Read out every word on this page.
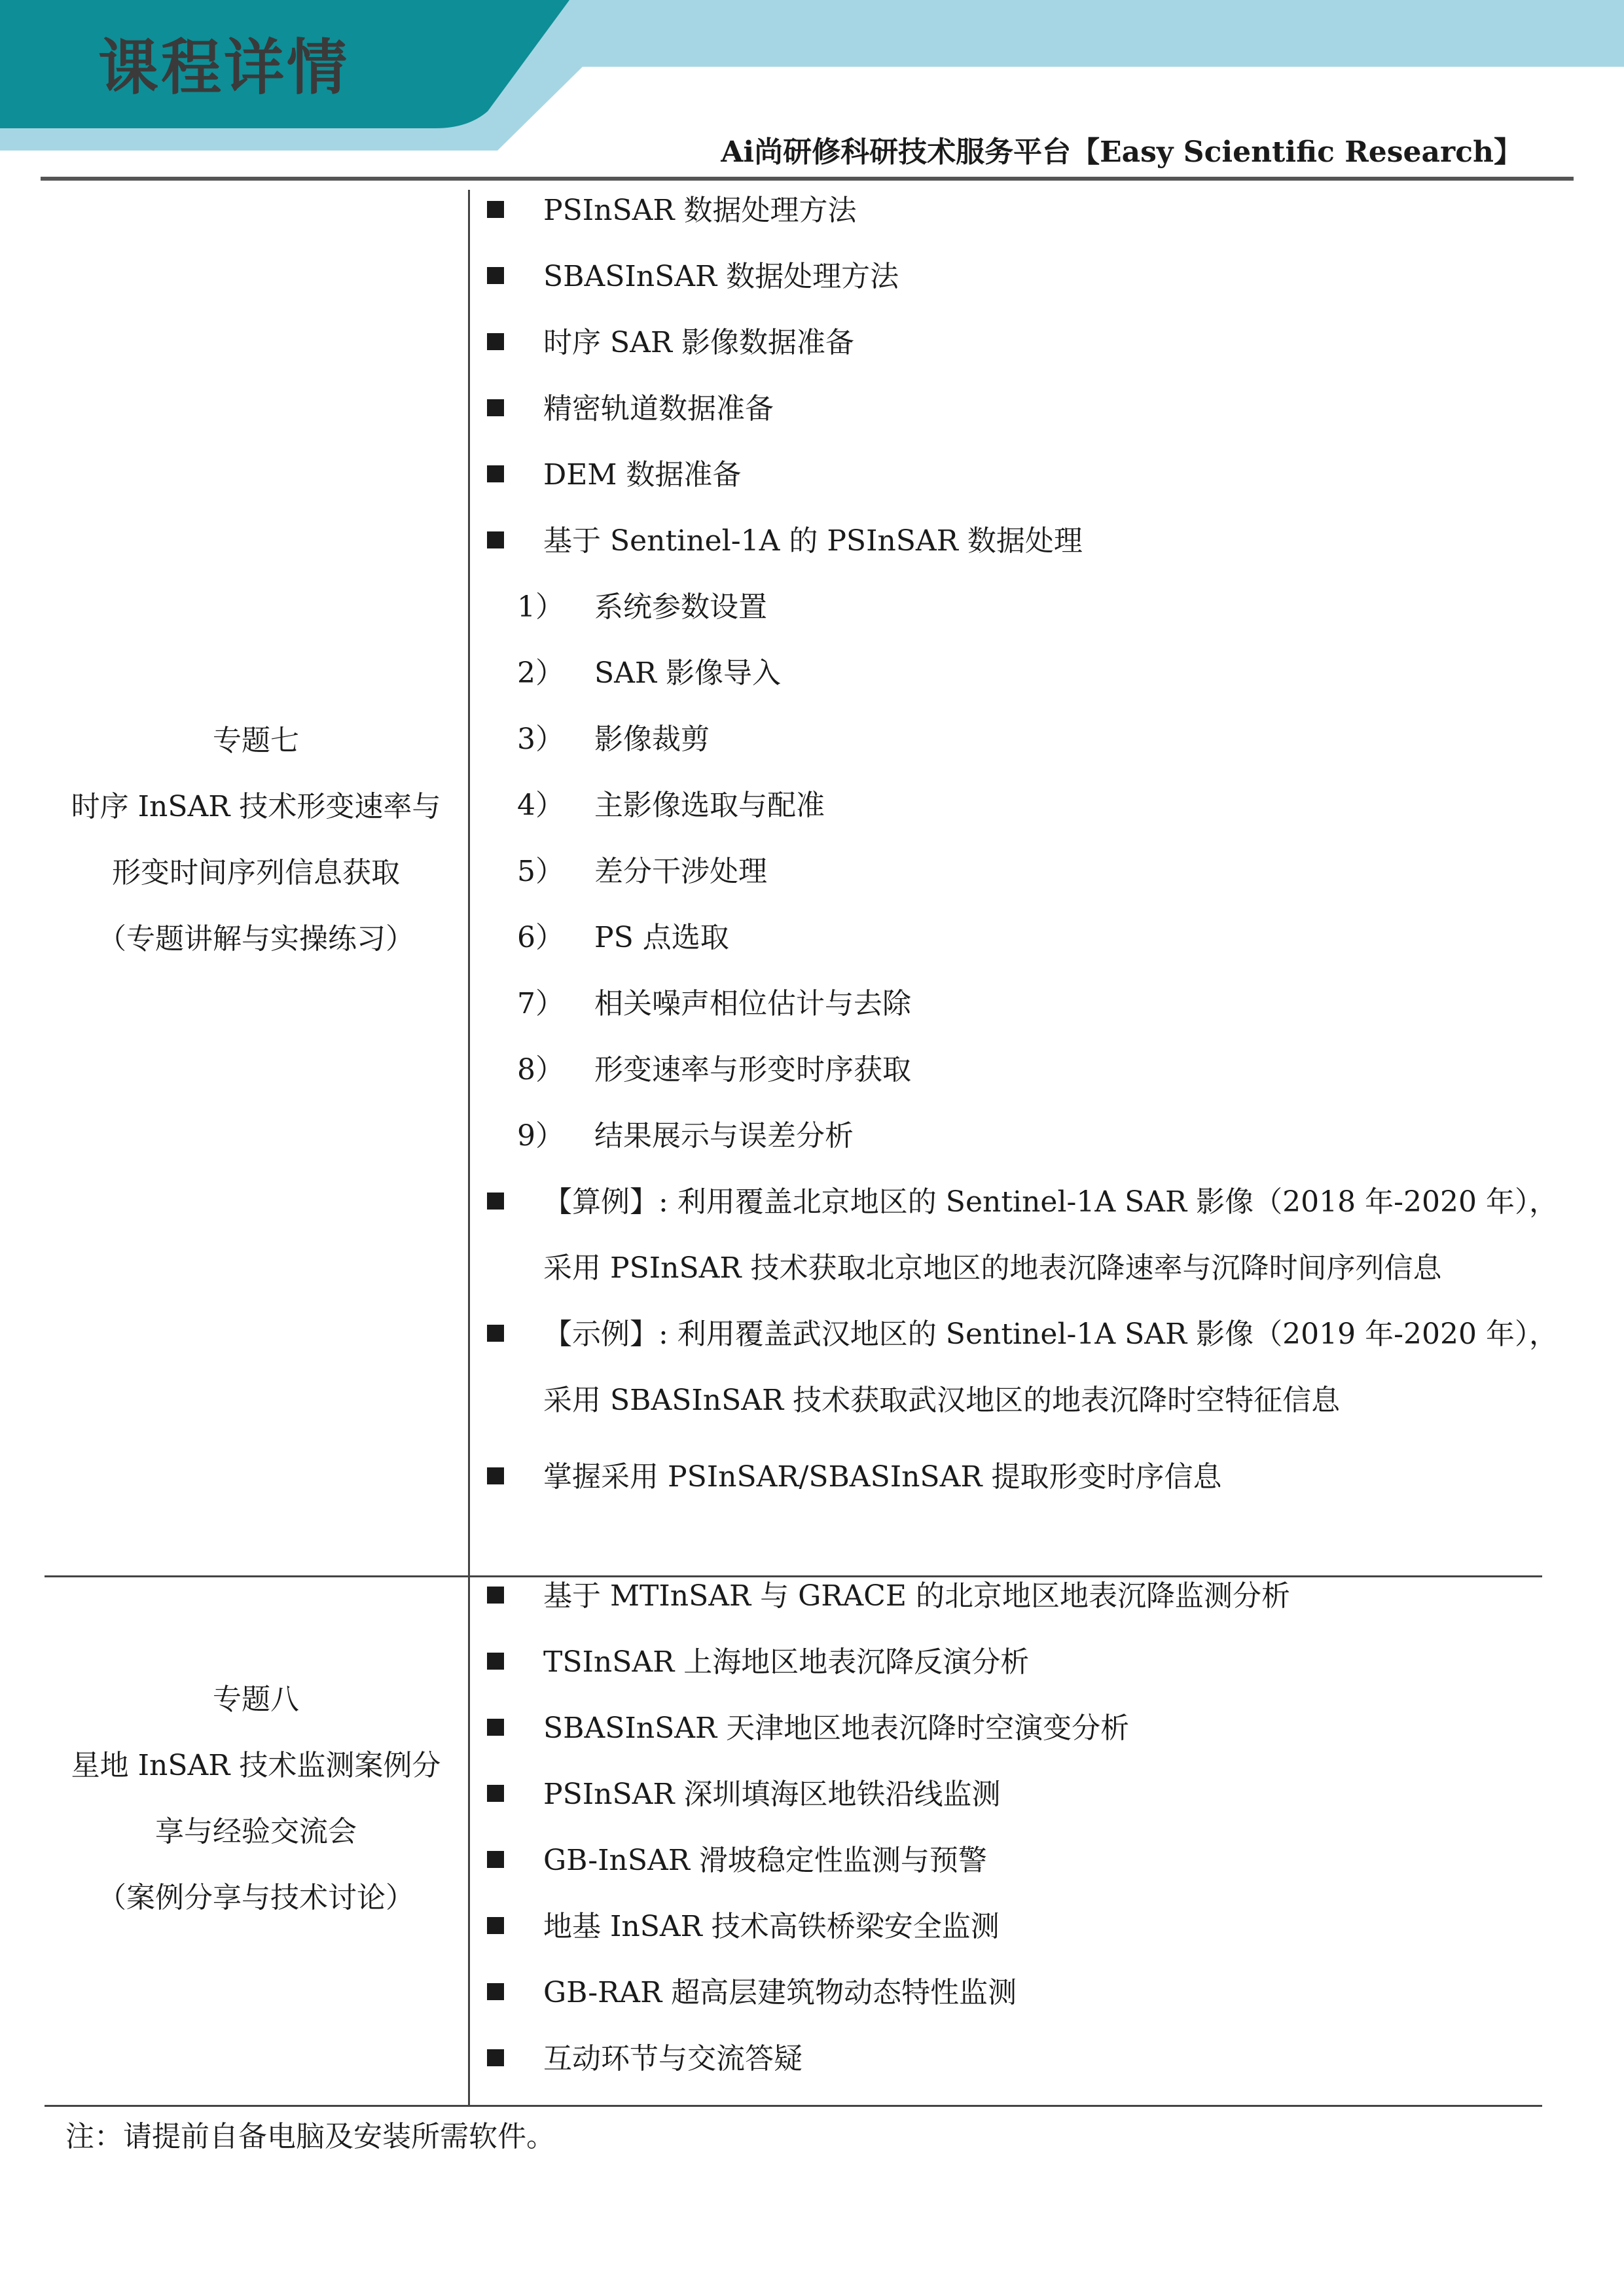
课程详情
Ai尚研修科研技术服务平台【Easy Scientific Research】
专题七
时序 InSAR 技术形变速率与
形变时间序列信息获取
（专题讲解与实操练习）
PSInSAR 数据处理方法
SBASInSAR 数据处理方法
时序 SAR 影像数据准备
精密轨道数据准备
DEM 数据准备
基于 Sentinel-1A 的 PSInSAR 数据处理
1） 系统参数设置
2） SAR 影像导入
3） 影像裁剪
4） 主影像选取与配准
5） 差分干涉处理
6） PS 点选取
7） 相关噪声相位估计与去除
8） 形变速率与形变时序获取
9） 结果展示与误差分析
【算例】: 利用覆盖北京地区的 Sentinel-1A SAR 影像（2018 年-2020 年），采用 PSInSAR 技术获取北京地区的地表沉降速率与沉降时间序列信息
【示例】: 利用覆盖武汉地区的 Sentinel-1A SAR 影像（2019 年-2020 年），采用 SBASInSAR 技术获取武汉地区的地表沉降时空特征信息
掌握采用 PSInSAR/SBASInSAR 提取形变时序信息
专题八
星地 InSAR 技术监测案例分
享与经验交流会
（案例分享与技术讨论）
基于 MTInSAR 与 GRACE 的北京地区地表沉降监测分析
TSInSAR 上海地区地表沉降反演分析
SBASInSAR 天津地区地表沉降时空演变分析
PSInSAR 深圳填海区地铁沿线监测
GB-InSAR 滑坡稳定性监测与预警
地基 InSAR 技术高铁桥梁安全监测
GB-RAR 超高层建筑物动态特性监测
互动环节与交流答疑
注：请提前自备电脑及安装所需软件。
